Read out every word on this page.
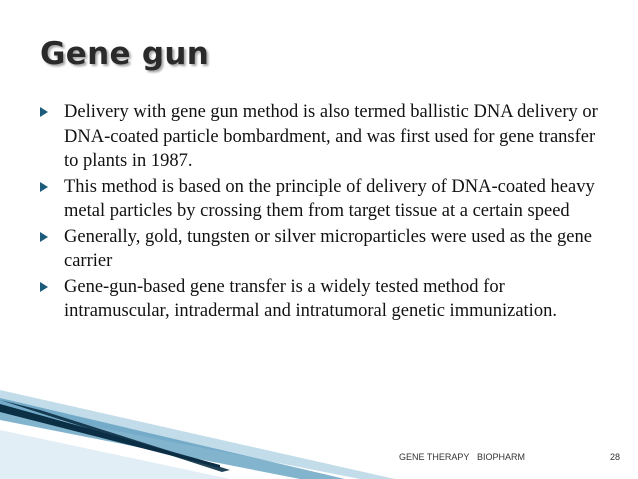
Gene gun
Delivery with gene gun method is also termed ballistic DNA delivery or DNA-coated particle bombardment, and was first used for gene transfer to plants in 1987.
This method is based on the principle of delivery of DNA-coated heavy metal particles by crossing them from target tissue at a certain speed
Generally, gold, tungsten or silver microparticles were used as the gene carrier
Gene-gun-based gene transfer is a widely tested method for intramuscular, intradermal and intratumoral genetic immunization.
GENE THERAPY BIOPHARM	28
